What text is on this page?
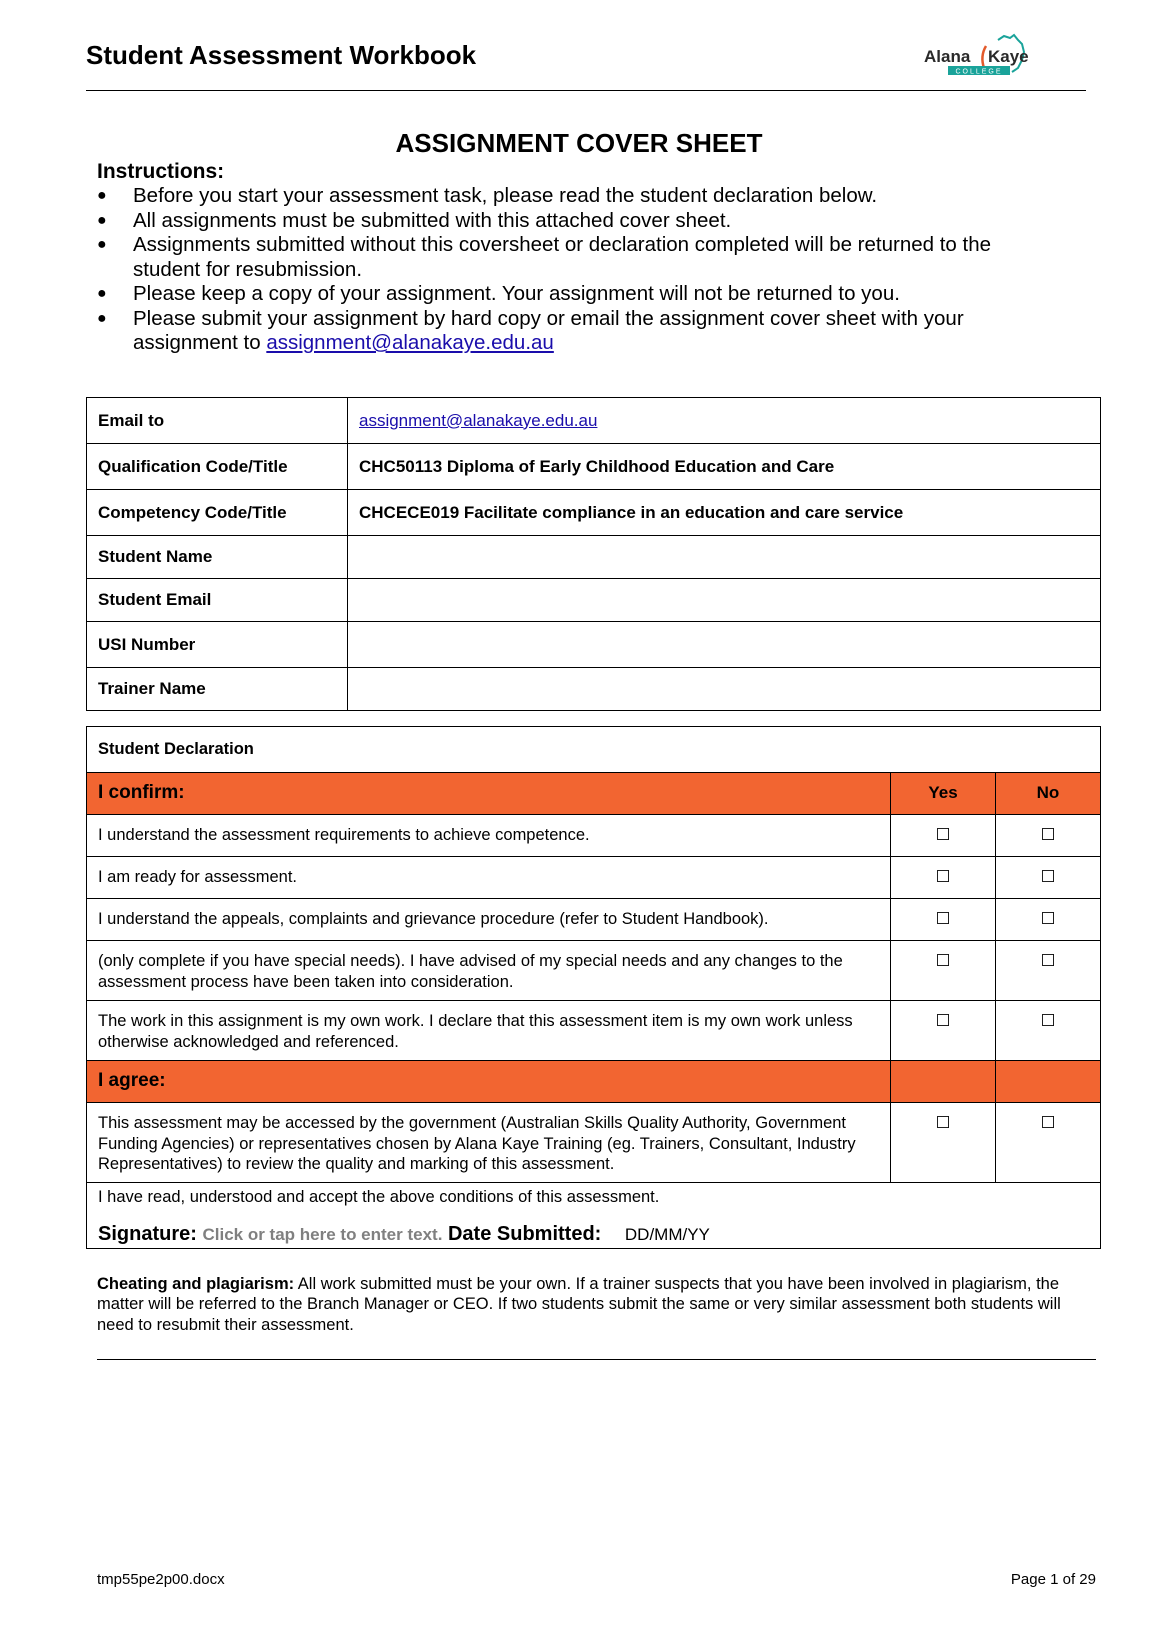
Student Assessment Workbook	Alana Kaye
COLLEGE
ASSIGNMENT COVER SHEET
Instructions:
● Before you start your assessment task, please read the student declaration below.
● All assignments must be submitted with this attached cover sheet.
● Assignments submitted without this coversheet or declaration completed will be returned to the student for resubmission.
● Please keep a copy of your assignment. Your assignment will not be returned to you.
● Please submit your assignment by hard copy or email the assignment cover sheet with your assignment to assignment@alanakaye.edu.au
Email to	assignment@alanakaye.edu.au
Qualification Code/Title	CHC50113 Diploma of Early Childhood Education and Care
Competency Code/Title	CHCECE019 Facilitate compliance in an education and care service
Student Name	
Student Email	
USI Number	
Trainer Name	
Student Declaration		
I confirm:	Yes	No
I understand the assessment requirements to achieve competence.	☐	☐
I am ready for assessment.	☐	☐
I understand the appeals, complaints and grievance procedure (refer to Student Handbook).	☐	☐
(only complete if you have special needs). I have advised of my special needs and any changes to the assessment process have been taken into consideration.	☐	☐
The work in this assignment is my own work. I declare that this assessment item is my own work unless otherwise acknowledged and referenced.	☐	☐
I agree:		
This assessment may be accessed by the government (Australian Skills Quality Authority, Government Funding Agencies) or representatives chosen by Alana Kaye Training (eg. Trainers, Consultant, Industry Representatives) to review the quality and marking of this assessment.	☐	☐

I have read, understood and accept the above conditions of this assessment.
Signature: Click or tap here to enter text. Date Submitted: DD/MM/YY		
Cheating and plagiarism: All work submitted must be your own. If a trainer suspects that you have been involved in plagiarism, the matter will be referred to the Branch Manager or CEO. If two students submit the same or very similar assessment both students will need to resubmit their assessment.
tmp55pe2p00.docx	Page 1 of 29
